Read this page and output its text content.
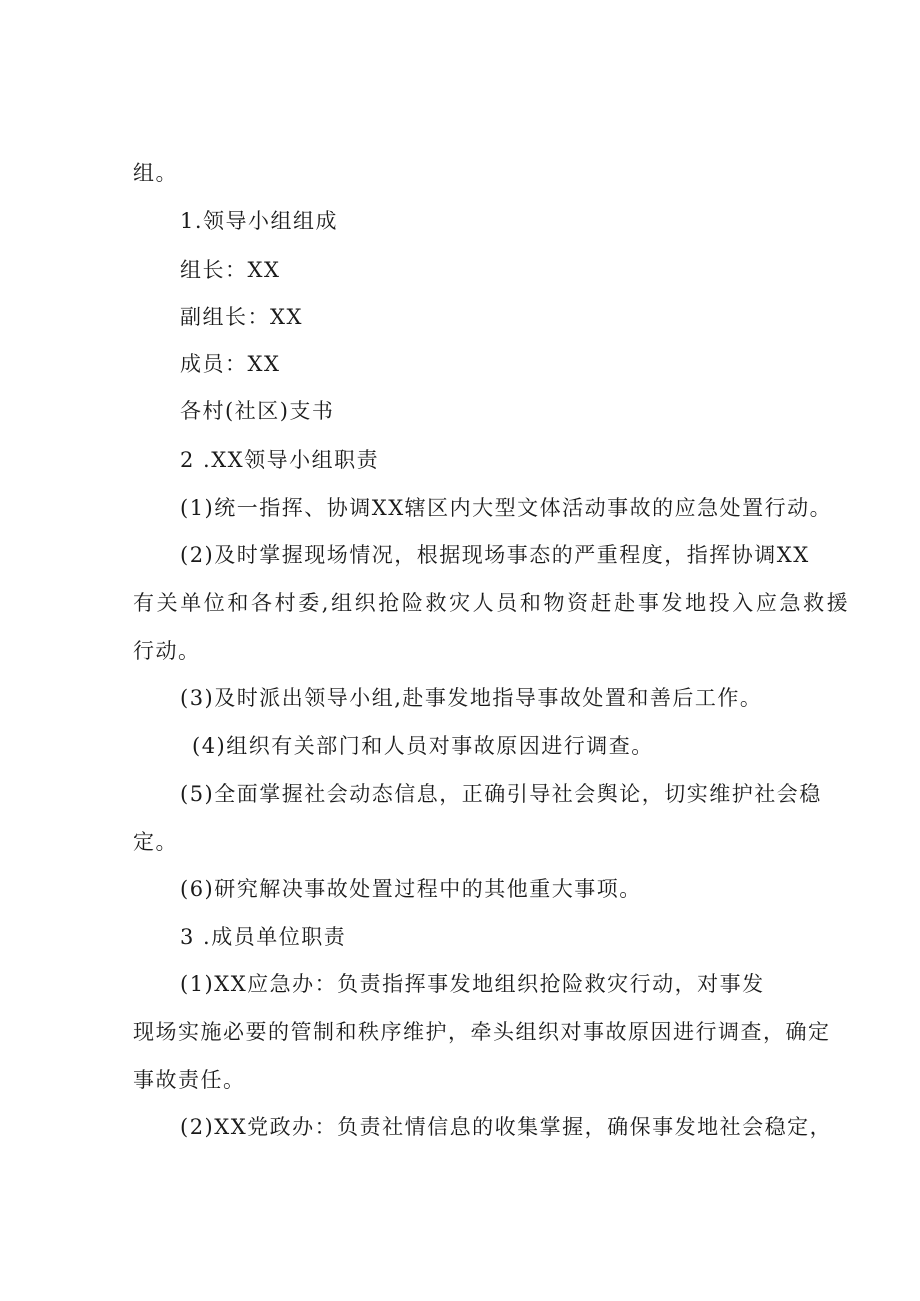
组。
1.领导小组组成
组长：XX
副组长：XX
成员：XX
各村(社区)支书
2 .XX领导小组职责
(1)统一指挥、协调XX辖区内大型文体活动事故的应急处置行动。
(2)及时掌握现场情况，根据现场事态的严重程度，指挥协调XX
有关单位和各村委,组织抢险救灾人员和物资赶赴事发地投入应急救援
行动。
(3)及时派出领导小组,赴事发地指导事故处置和善后工作。
(4)组织有关部门和人员对事故原因进行调查。
(5)全面掌握社会动态信息，正确引导社会舆论，切实维护社会稳
定。
(6)研究解决事故处置过程中的其他重大事项。
3 .成员单位职责
(1)XX应急办：负责指挥事发地组织抢险救灾行动，对事发
现场实施必要的管制和秩序维护，牵头组织对事故原因进行调查，确定
事故责任。
(2)XX党政办：负责社情信息的收集掌握，确保事发地社会稳定，
